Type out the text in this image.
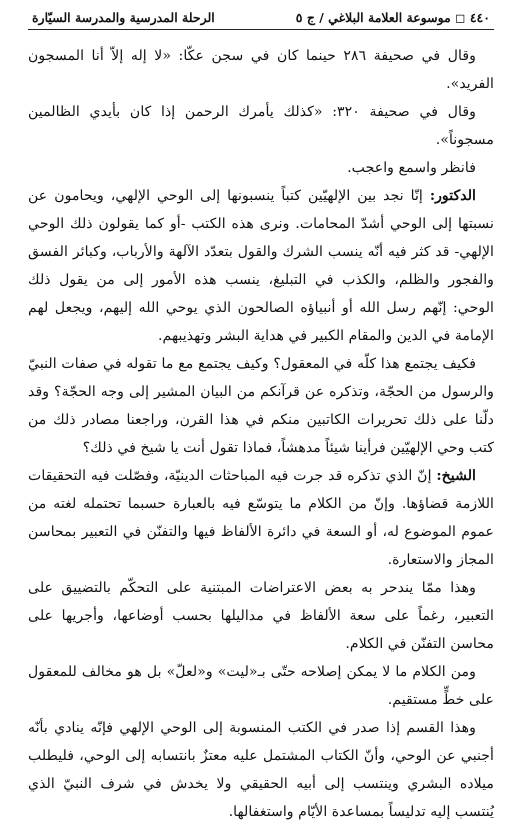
٤٤٠ ◻ موسوعة العلامة البلاغي / ج ٥
الرحلة المدرسية والمدرسة السيّارة

وقال في صحيفة ٢٨٦ حينما كان في سجن عكّا: «لا إله إلاّ أنا المسجون الفريد».

وقال في صحيفة ٣٢٠: «كذلك يأمرك الرحمن إذا كان بأيدي الظالمين مسجوناً».

فانظر واسمع واعجب.

الدكتور: إنّا نجد بين الإلهيّين كتباً ينسبونها إلى الوحي الإلهي، ويحامون عن نسبتها إلى الوحي أشدّ المحامات. ونرى هذه الكتب -أو كما يقولون ذلك الوحي الإلهي- قد كثر فيه أنّه ينسب الشرك والقول بتعدّد الآلهة والأرباب، وكبائر الفسق والفجور والظلم، والكذب في التبليغ، ينسب هذه الأمور إلى من يقول ذلك الوحي: إنّهم رسل الله أو أنبياؤه الصالحون الذي يوحي الله إليهم، ويجعل لهم الإمامة في الدين والمقام الكبير في هداية البشر وتهذيبهم.

فكيف يجتمع هذا كلّه في المعقول؟ وكيف يجتمع مع ما تقوله في صفات النبيّ والرسول من الحجّة، وتذكره عن قرآنكم من البيان المشير إلى وجه الحجّة؟ وقد دلّنا على ذلك تحريرات الكاتبين منكم في هذا القرن، وراجعنا مصادر ذلك من كتب وحي الإلهيّين فرأينا شيئاً مدهشاً، فماذا تقول أنت يا شيخ في ذلك؟

الشيخ: إنّ الذي تذكره قد جرت فيه المباحثات الدينيّة، وفصّلت فيه التحقيقات اللازمة قضاؤها. وإنّ من الكلام ما يتوسّع فيه بالعبارة حسبما تحتمله لغته من عموم الموضوع له، أو السعة في دائرة الألفاظ فيها والتفنّن في التعبير بمحاسن المجاز والاستعارة.

وهذا ممّا يندحر به بعض الاعتراضات المبتنية على التحكّم بالتضييق على التعبير، رغماً على سعة الألفاظ في مداليلها بحسب أوضاعها، وأجريها على محاسن التفنّن في الكلام.

ومن الكلام ما لا يمكن إصلاحه حتّى بـ«ليت» و«لعلّ» بل هو مخالف للمعقول على خطٍّ مستقيم.

وهذا القسم إذا صدر في الكتب المنسوبة إلى الوحي الإلهي فإنّه ينادي بأنّه أجنبي عن الوحي، وأنّ الكتاب المشتمل عليه معتزٌ بانتسابه إلى الوحي، فليطلب ميلاده البشري وينتسب إلى أبيه الحقيقي ولا يخدش في شرف النبيّ الذي يُنتسب إليه تدليساً بمساعدة الأيّام واستغفالها.
